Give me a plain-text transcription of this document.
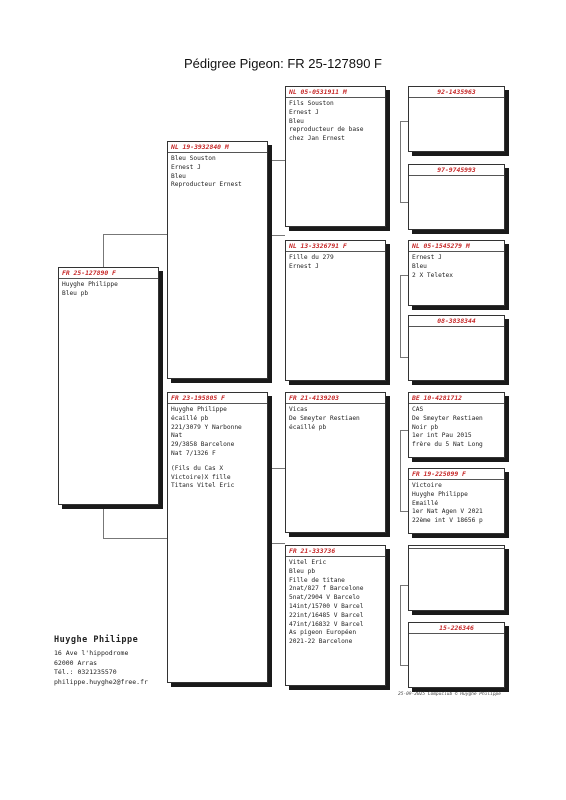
Pédigree Pigeon: FR 25-127890 F
FR 25-127890 F
Huyghe Philippe
Bleu pb
NL 19-3932840 M
Bleu Souston
Ernest J
Bleu
Reproducteur Ernest
FR 23-195805 F
Huyghe Philippe
écaillé pb
221/3079 Y Narbonne
Nat
29/3858 Barcelone
Nat 7/1326 F
(Fils du Cas X
Victoire)X fille
Titans Vitel Eric
NL 05-0531911 M
Fils Souston
Ernest J
Bleu
reproducteur de base
chez Jan Ernest
NL 13-3326791 F
Fille du 279
Ernest J
FR 21-4139203
Vicas
De Smeyter Restiaen
écaillé pb
FR 21-333736
Vitel Eric
Bleu pb
Fille de titane
2nat/827 f Barcelone
5nat/2904 V Barcelo
14int/15700 V Barcel
22int/16485 V Barcel
47int/16832 V Barcel
As pigeon Européen
2021-22 Barcelone
92-1435963
97-9745993
NL 05-1545279 M
Ernest J
Bleu
2 X Teletex
08-3838344
BE 10-4281712
CAS
De Smeyter Restiaen
Noir pb
1er int Pau 2015
frère du 5 Nat Long
FR 19-225099 F
Victoire
Huyghe Philippe
Emaillé
1er Nat Agen V 2021
22ème int V 18656 p
15-226346
Huyghe Philippe
16 Ave l'hippodrome
62000 Arras
Tél.: 0321235570
philippe.huyghe2@free.fr
25-09-2025 Compuclub © Huyghe Philippe
